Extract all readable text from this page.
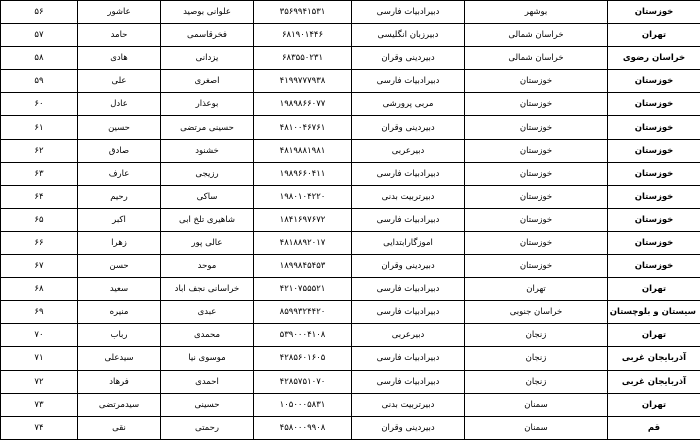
خوزستان	بوشهر	دبیرادبیات فارسی	۳۵۶۹۹۴۱۵۳۱	علوانی بوصید	عاشور	۵۶
تهران	خراسان شمالی	دبیرزبان انگلیسی	۶۸۱۹۰۱۴۴۶	فخرقاسمی	حامد	۵۷
خراسان رضوی	خراسان شمالی	دبیردینی وقران	۶۸۳۵۵۰۲۳۱	یزدانی	هادی	۵۸
خوزستان	خوزستان	دبیرادبیات فارسی	۴۱۹۹۷۷۷۹۳۸	اصغری	علی	۵۹
خوزستان	خوزستان	مربی پرورشی	۱۹۸۹۸۶۶۰۷۷	بوعذار	عادل	۶۰
خوزستان	خوزستان	دبیردینی وقران	۴۸۱۰۰۴۶۷۶۱	حسینی مرتضی	حسین	۶۱
خوزستان	خوزستان	دبیرعربی	۴۸۱۹۸۸۱۹۸۱	خشنود	صادق	۶۲
خوزستان	خوزستان	دبیرادبیات فارسی	۱۹۸۹۶۶۰۴۱۱	رزیجی	عارف	۶۳
خوزستان	خوزستان	دبیرتربیت بدنی	۱۹۸۰۱۰۴۲۲۰	ساکی	رحیم	۶۴
خوزستان	خوزستان	دبیرادبیات فارسی	۱۸۴۱۶۹۷۶۷۲	شاهیری تلخ ابی	اکبر	۶۵
خوزستان	خوزستان	اموزگارابتدایی	۴۸۱۸۸۹۲۰۱۷	عالی پور	زهرا	۶۶
خوزستان	خوزستان	دبیردینی وقران	۱۸۹۹۸۴۵۴۵۳	موحد	حسن	۶۷
تهران	تهران	دبیرادبیات فارسی	۴۲۱۰۷۵۵۵۲۱	خراسانی نجف اباد	سعید	۶۸
سیستان و بلوچستان	خراسان جنوبی	دبیرادبیات فارسی	۸۵۹۹۳۲۴۴۲۰	عبدی	منیره	۶۹
تهران	زنجان	دبیرعربی	۵۳۹۰۰۰۴۱۰۸	محمدی	رباب	۷۰
آذربایجان غربی	زنجان	دبیرادبیات فارسی	۴۲۸۵۶۰۱۶۰۵	موسوی نیا	سیدعلی	۷۱
آذربایجان غربی	زنجان	دبیرادبیات فارسی	۴۲۸۵۷۵۱۰۷۰	احمدی	فرهاد	۷۲
تهران	سمنان	دبیرتربیت بدنی	۱۰۵۰۰۰۵۸۳۱	حسینی	سیدمرتضی	۷۳
قم	سمنان	دبیردینی وقران	۴۵۸۰۰۰۹۹۰۸	رحمتی	نقی	۷۴
